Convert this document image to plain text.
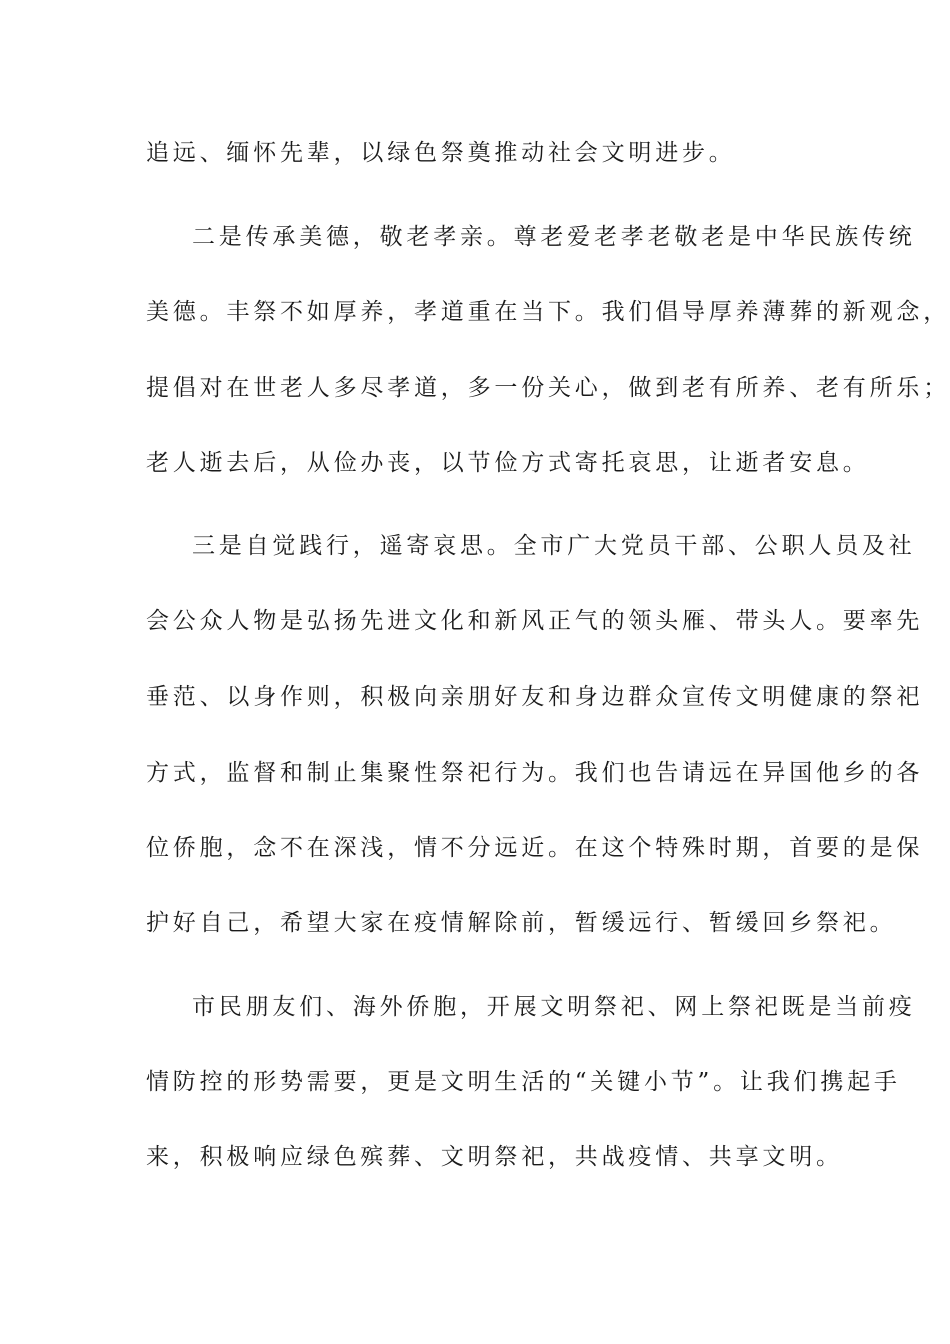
追远、缅怀先辈，以绿色祭奠推动社会文明进步。
二是传承美德，敬老孝亲。尊老爱老孝老敬老是中华民族传统
美德。丰祭不如厚养，孝道重在当下。我们倡导厚养薄葬的新观念，
提倡对在世老人多尽孝道，多一份关心，做到老有所养、老有所乐；
老人逝去后，从俭办丧，以节俭方式寄托哀思，让逝者安息。
三是自觉践行，遥寄哀思。全市广大党员干部、公职人员及社
会公众人物是弘扬先进文化和新风正气的领头雁、带头人。要率先
垂范、以身作则，积极向亲朋好友和身边群众宣传文明健康的祭祀
方式，监督和制止集聚性祭祀行为。我们也告请远在异国他乡的各
位侨胞，念不在深浅，情不分远近。在这个特殊时期，首要的是保
护好自己，希望大家在疫情解除前，暂缓远行、暂缓回乡祭祀。
市民朋友们、海外侨胞，开展文明祭祀、网上祭祀既是当前疫
情防控的形势需要，更是文明生活的“关键小节”。让我们携起手
来，积极响应绿色殡葬、文明祭祀，共战疫情、共享文明。
